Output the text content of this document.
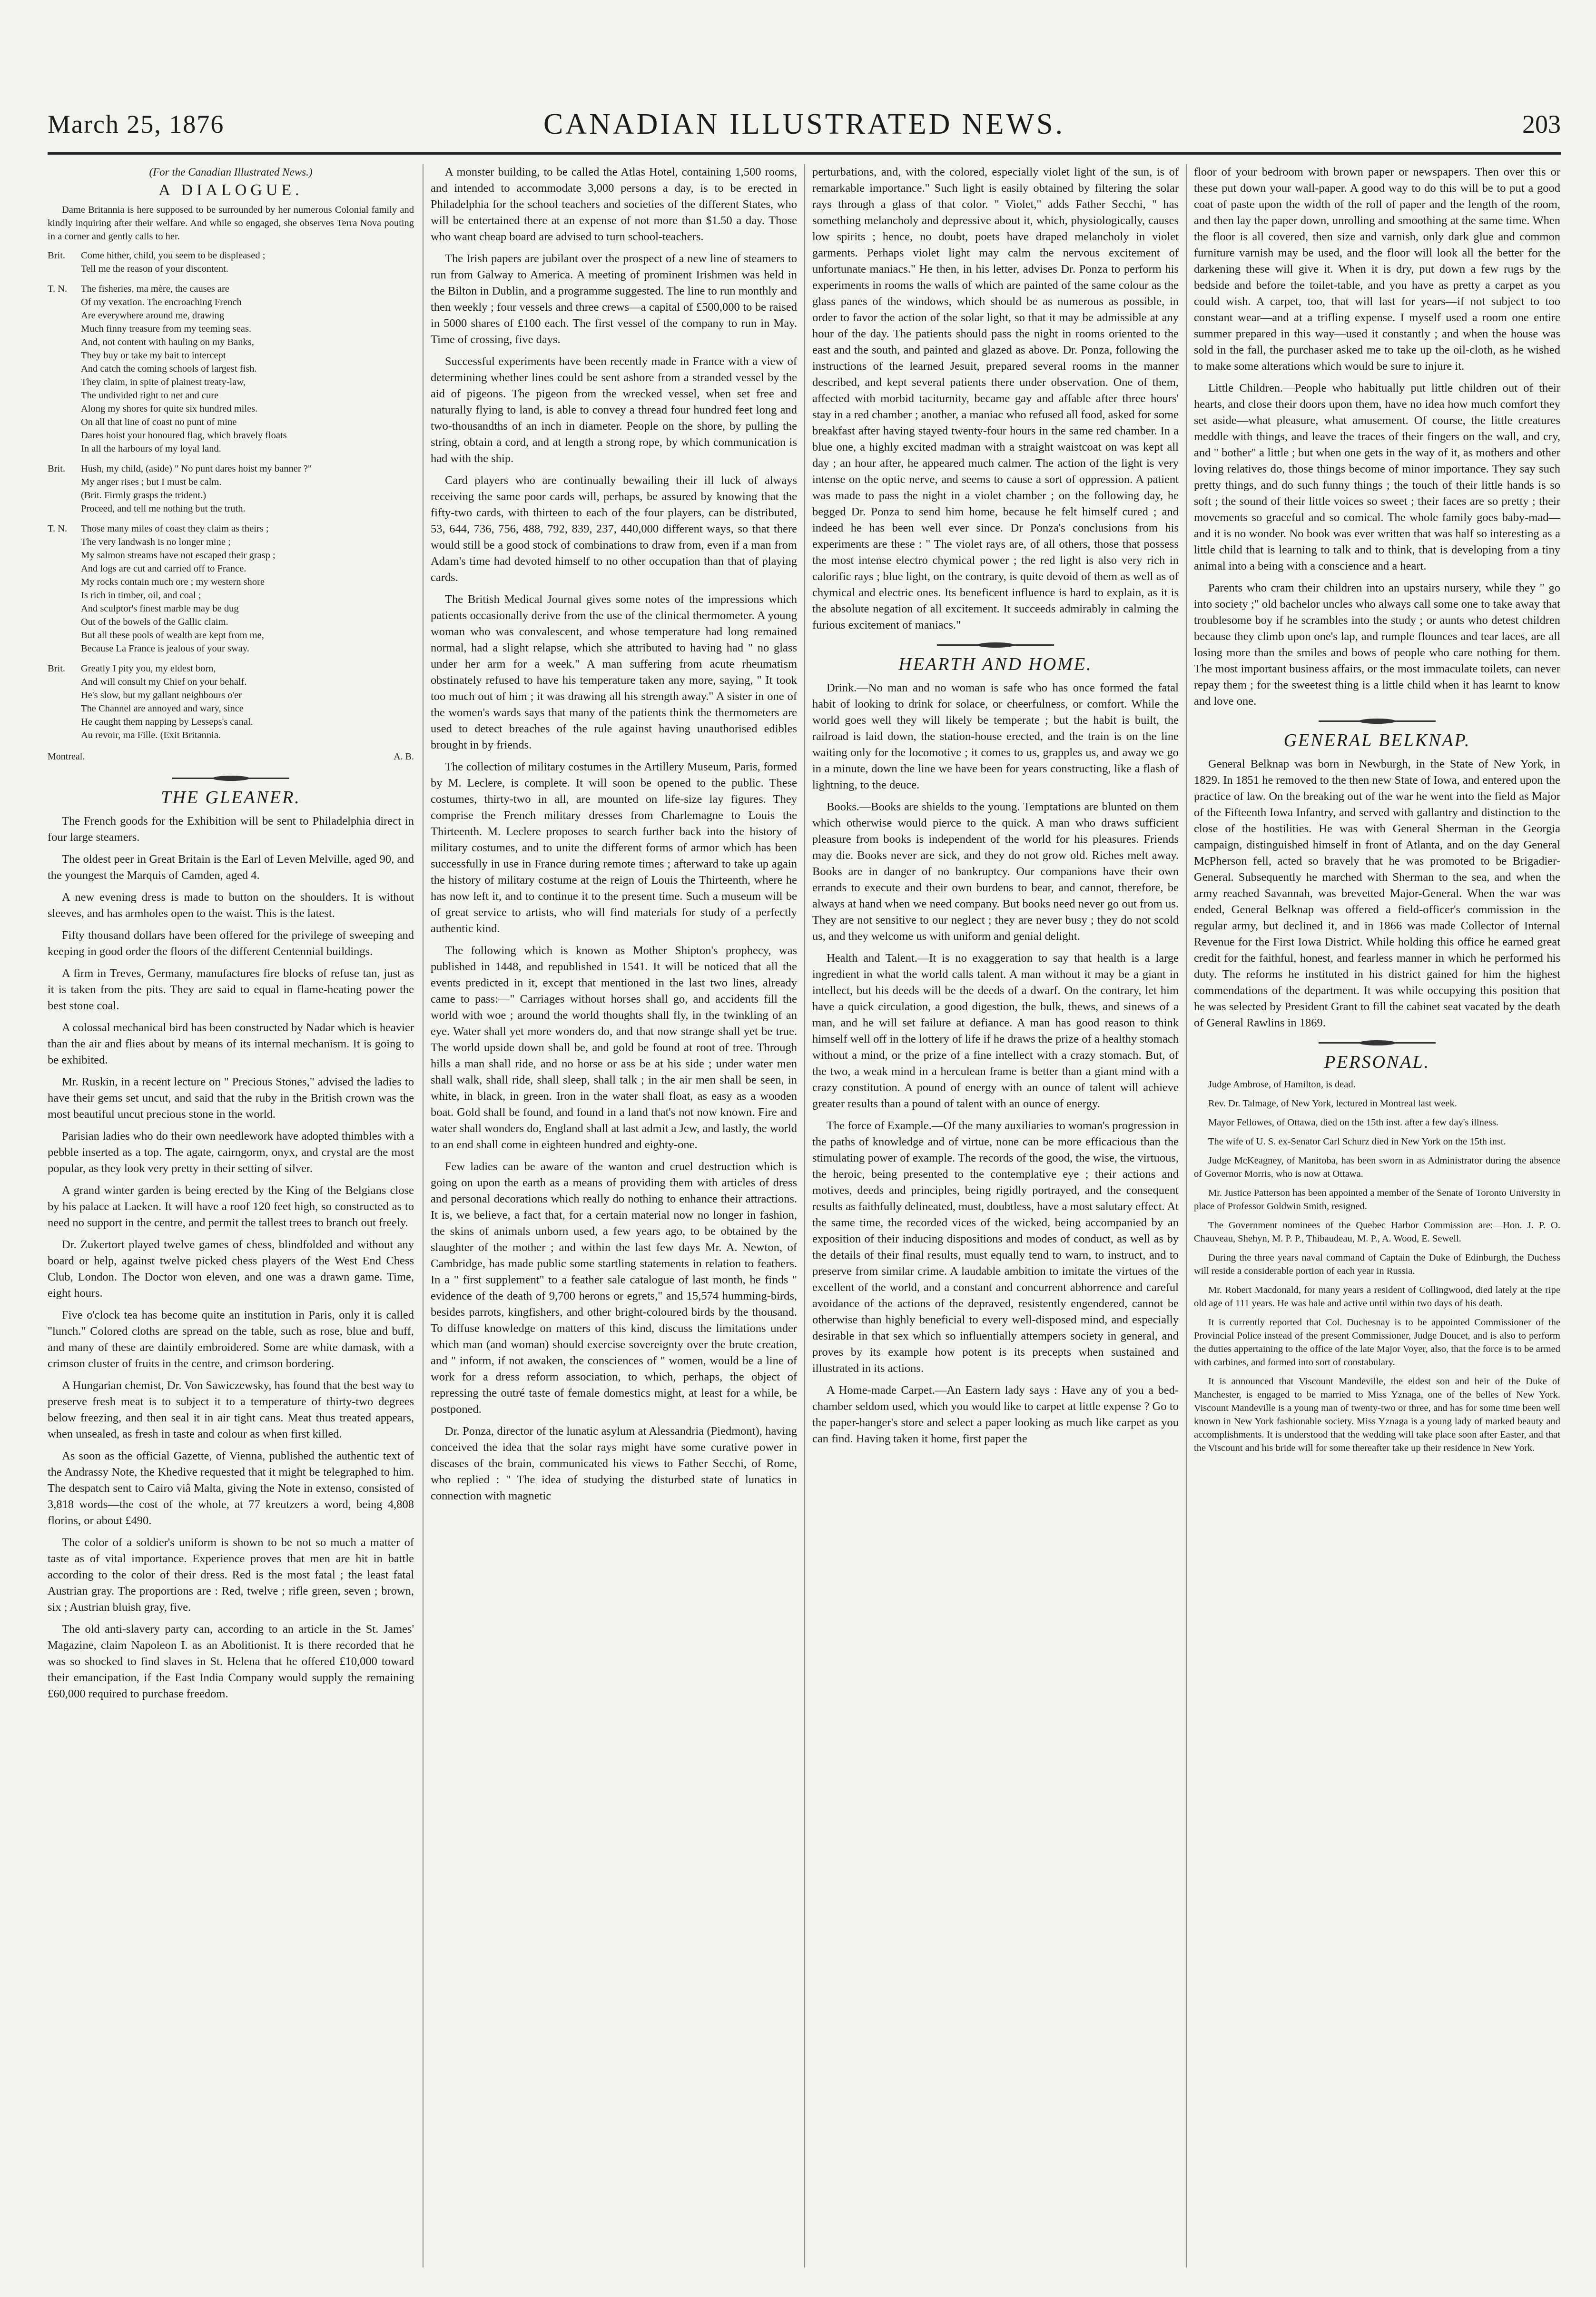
March 25, 1876	CANADIAN ILLUSTRATED NEWS.	203
(For the Canadian Illustrated News.)
A DIALOGUE.

Dame Britannia is here supposed to be surrounded by her numerous Colonial family and kindly inquiring after their welfare. And while so engaged, she observes Terra Nova pouting in a corner and gently calls to her.

Brit.	Come hither, child, you seem to be displeased ;
Tell me the reason of your discontent.
T. N.	The fisheries, ma mère, the causes are
Of my vexation. The encroaching French
Are everywhere around me, drawing
Much finny treasure from my teeming seas.
And, not content with hauling on my Banks,
They buy or take my bait to intercept
And catch the coming schools of largest fish.
They claim, in spite of plainest treaty-law,
The undivided right to net and cure
Along my shores for quite six hundred miles.
On all that line of coast no punt of mine
Dares hoist your honoured flag, which bravely floats
In all the harbours of my loyal land.
Brit.	Hush, my child, (aside) " No punt dares hoist my banner ?"
My anger rises ; but I must be calm.
(Brit. Firmly grasps the trident.)
Proceed, and tell me nothing but the truth.
T. N.	Those many miles of coast they claim as theirs ;
The very landwash is no longer mine ;
My salmon streams have not escaped their grasp ;
And logs are cut and carried off to France.
My rocks contain much ore ; my western shore
Is rich in timber, oil, and coal ;
And sculptor's finest marble may be dug
Out of the bowels of the Gallic claim.
But all these pools of wealth are kept from me,
Because La France is jealous of your sway.
Brit.	Greatly I pity you, my eldest born,
And will consult my Chief on your behalf.
He's slow, but my gallant neighbours o'er
The Channel are annoyed and wary, since
He caught them napping by Lesseps's canal.
Au revoir, ma Fille. (Exit Britannia.
Montreal.	A. B.
THE GLEANER.

The French goods for the Exhibition will be sent to Philadelphia direct in four large steamers.

The oldest peer in Great Britain is the Earl of Leven Melville, aged 90, and the youngest the Marquis of Camden, aged 4.

A new evening dress is made to button on the shoulders. It is without sleeves, and has armholes open to the waist. This is the latest.

Fifty thousand dollars have been offered for the privilege of sweeping and keeping in good order the floors of the different Centennial buildings.

A firm in Treves, Germany, manufactures fire blocks of refuse tan, just as it is taken from the pits. They are said to equal in flame-heating power the best stone coal.

A colossal mechanical bird has been constructed by Nadar which is heavier than the air and flies about by means of its internal mechanism. It is going to be exhibited.

Mr. Ruskin, in a recent lecture on " Precious Stones," advised the ladies to have their gems set uncut, and said that the ruby in the British crown was the most beautiful uncut precious stone in the world.

Parisian ladies who do their own needlework have adopted thimbles with a pebble inserted as a top. The agate, cairngorm, onyx, and crystal are the most popular, as they look very pretty in their setting of silver.

A grand winter garden is being erected by the King of the Belgians close by his palace at Laeken. It will have a roof 120 feet high, so constructed as to need no support in the centre, and permit the tallest trees to branch out freely.

Dr. Zukertort played twelve games of chess, blindfolded and without any board or help, against twelve picked chess players of the West End Chess Club, London. The Doctor won eleven, and one was a drawn game. Time, eight hours.

Five o'clock tea has become quite an institution in Paris, only it is called "lunch." Colored cloths are spread on the table, such as rose, blue and buff, and many of these are daintily embroidered. Some are white damask, with a crimson cluster of fruits in the centre, and crimson bordering.

A Hungarian chemist, Dr. Von Sawiczewsky, has found that the best way to preserve fresh meat is to subject it to a temperature of thirty-two degrees below freezing, and then seal it in air tight cans. Meat thus treated appears, when unsealed, as fresh in taste and colour as when first killed.

As soon as the official Gazette, of Vienna, published the authentic text of the Andrassy Note, the Khedive requested that it might be telegraphed to him. The despatch sent to Cairo viâ Malta, giving the Note in extenso, consisted of 3,818 words—the cost of the whole, at 77 kreutzers a word, being 4,808 florins, or about £490.

The color of a soldier's uniform is shown to be not so much a matter of taste as of vital importance. Experience proves that men are hit in battle according to the color of their dress. Red is the most fatal ; the least fatal Austrian gray. The proportions are : Red, twelve ; rifle green, seven ; brown, six ; Austrian bluish gray, five.

The old anti-slavery party can, according to an article in the St. James' Magazine, claim Napoleon I. as an Abolitionist. It is there recorded that he was so shocked to find slaves in St. Helena that he offered £10,000 toward their emancipation, if the East India Company would supply the remaining £60,000 required to purchase freedom.

A monster building, to be called the Atlas Hotel, containing 1,500 rooms, and intended to accommodate 3,000 persons a day, is to be erected in Philadelphia for the school teachers and societies of the different States, who will be entertained there at an expense of not more than $1.50 a day. Those who want cheap board are advised to turn school-teachers.

The Irish papers are jubilant over the prospect of a new line of steamers to run from Galway to America. A meeting of prominent Irishmen was held in the Bilton in Dublin, and a programme suggested. The line to run monthly and then weekly ; four vessels and three crews—a capital of £500,000 to be raised in 5000 shares of £100 each. The first vessel of the company to run in May. Time of crossing, five days.

Successful experiments have been recently made in France with a view of determining whether lines could be sent ashore from a stranded vessel by the aid of pigeons. The pigeon from the wrecked vessel, when set free and naturally flying to land, is able to convey a thread four hundred feet long and two-thousandths of an inch in diameter. People on the shore, by pulling the string, obtain a cord, and at length a strong rope, by which communication is had with the ship.

Card players who are continually bewailing their ill luck of always receiving the same poor cards will, perhaps, be assured by knowing that the fifty-two cards, with thirteen to each of the four players, can be distributed, 53, 644, 736, 756, 488, 792, 839, 237, 440,000 different ways, so that there would still be a good stock of combinations to draw from, even if a man from Adam's time had devoted himself to no other occupation than that of playing cards.

The British Medical Journal gives some notes of the impressions which patients occasionally derive from the use of the clinical thermometer. A young woman who was convalescent, and whose temperature had long remained normal, had a slight relapse, which she attributed to having had " no glass under her arm for a week." A man suffering from acute rheumatism obstinately refused to have his temperature taken any more, saying, " It took too much out of him ; it was drawing all his strength away." A sister in one of the women's wards says that many of the patients think the thermometers are used to detect breaches of the rule against having unauthorised edibles brought in by friends.

The collection of military costumes in the Artillery Museum, Paris, formed by M. Leclere, is complete. It will soon be opened to the public. These costumes, thirty-two in all, are mounted on life-size lay figures. They comprise the French military dresses from Charlemagne to Louis the Thirteenth. M. Leclere proposes to search further back into the history of military costumes, and to unite the different forms of armor which has been successfully in use in France during remote times ; afterward to take up again the history of military costume at the reign of Louis the Thirteenth, where he has now left it, and to continue it to the present time. Such a museum will be of great service to artists, who will find materials for study of a perfectly authentic kind.

The following which is known as Mother Shipton's prophecy, was published in 1448, and republished in 1541. It will be noticed that all the events predicted in it, except that mentioned in the last two lines, already came to pass:—" Carriages without horses shall go, and accidents fill the world with woe ; around the world thoughts shall fly, in the twinkling of an eye. Water shall yet more wonders do, and that now strange shall yet be true. The world upside down shall be, and gold be found at root of tree. Through hills a man shall ride, and no horse or ass be at his side ; under water men shall walk, shall ride, shall sleep, shall talk ; in the air men shall be seen, in white, in black, in green. Iron in the water shall float, as easy as a wooden boat. Gold shall be found, and found in a land that's not now known. Fire and water shall wonders do, England shall at last admit a Jew, and lastly, the world to an end shall come in eighteen hundred and eighty-one.

Few ladies can be aware of the wanton and cruel destruction which is going on upon the earth as a means of providing them with articles of dress and personal decorations which really do nothing to enhance their attractions. It is, we believe, a fact that, for a certain material now no longer in fashion, the skins of animals unborn used, a few years ago, to be obtained by the slaughter of the mother ; and within the last few days Mr. A. Newton, of Cambridge, has made public some startling statements in relation to feathers. In a " first supplement" to a feather sale catalogue of last month, he finds " evidence of the death of 9,700 herons or egrets," and 15,574 humming-birds, besides parrots, kingfishers, and other bright-coloured birds by the thousand. To diffuse knowledge on matters of this kind, discuss the limitations under which man (and woman) should exercise sovereignty over the brute creation, and " inform, if not awaken, the consciences of " women, would be a line of work for a dress reform association, to which, perhaps, the object of repressing the outré taste of female domestics might, at least for a while, be postponed.

Dr. Ponza, director of the lunatic asylum at Alessandria (Piedmont), having conceived the idea that the solar rays might have some curative power in diseases of the brain, communicated his views to Father Secchi, of Rome, who replied : " The idea of studying the disturbed state of lunatics in connection with magnetic

perturbations, and, with the colored, especially violet light of the sun, is of remarkable importance." Such light is easily obtained by filtering the solar rays through a glass of that color. " Violet," adds Father Secchi, " has something melancholy and depressive about it, which, physiologically, causes low spirits ; hence, no doubt, poets have draped melancholy in violet garments. Perhaps violet light may calm the nervous excitement of unfortunate maniacs." He then, in his letter, advises Dr. Ponza to perform his experiments in rooms the walls of which are painted of the same colour as the glass panes of the windows, which should be as numerous as possible, in order to favor the action of the solar light, so that it may be admissible at any hour of the day. The patients should pass the night in rooms oriented to the east and the south, and painted and glazed as above. Dr. Ponza, following the instructions of the learned Jesuit, prepared several rooms in the manner described, and kept several patients there under observation. One of them, affected with morbid taciturnity, became gay and affable after three hours' stay in a red chamber ; another, a maniac who refused all food, asked for some breakfast after having stayed twenty-four hours in the same red chamber. In a blue one, a highly excited madman with a straight waistcoat on was kept all day ; an hour after, he appeared much calmer. The action of the light is very intense on the optic nerve, and seems to cause a sort of oppression. A patient was made to pass the night in a violet chamber ; on the following day, he begged Dr. Ponza to send him home, because he felt himself cured ; and indeed he has been well ever since. Dr Ponza's conclusions from his experiments are these : " The violet rays are, of all others, those that possess the most intense electro chymical power ; the red light is also very rich in calorific rays ; blue light, on the contrary, is quite devoid of them as well as of chymical and electric ones. Its beneficent influence is hard to explain, as it is the absolute negation of all excitement. It succeeds admirably in calming the furious excitement of maniacs."

HEARTH AND HOME.

Drink.—No man and no woman is safe who has once formed the fatal habit of looking to drink for solace, or cheerfulness, or comfort. While the world goes well they will likely be temperate ; but the habit is built, the railroad is laid down, the station-house erected, and the train is on the line waiting only for the locomotive ; it comes to us, grapples us, and away we go in a minute, down the line we have been for years constructing, like a flash of lightning, to the deuce.

Books.—Books are shields to the young. Temptations are blunted on them which otherwise would pierce to the quick. A man who draws sufficient pleasure from books is independent of the world for his pleasures. Friends may die. Books never are sick, and they do not grow old. Riches melt away. Books are in danger of no bankruptcy. Our companions have their own errands to execute and their own burdens to bear, and cannot, therefore, be always at hand when we need company. But books need never go out from us. They are not sensitive to our neglect ; they are never busy ; they do not scold us, and they welcome us with uniform and genial delight.

Health and Talent.—It is no exaggeration to say that health is a large ingredient in what the world calls talent. A man without it may be a giant in intellect, but his deeds will be the deeds of a dwarf. On the contrary, let him have a quick circulation, a good digestion, the bulk, thews, and sinews of a man, and he will set failure at defiance. A man has good reason to think himself well off in the lottery of life if he draws the prize of a healthy stomach without a mind, or the prize of a fine intellect with a crazy stomach. But, of the two, a weak mind in a herculean frame is better than a giant mind with a crazy constitution. A pound of energy with an ounce of talent will achieve greater results than a pound of talent with an ounce of energy.

The force of Example.—Of the many auxiliaries to woman's progression in the paths of knowledge and of virtue, none can be more efficacious than the stimulating power of example. The records of the good, the wise, the virtuous, the heroic, being presented to the contemplative eye ; their actions and motives, deeds and principles, being rigidly portrayed, and the consequent results as faithfully delineated, must, doubtless, have a most salutary effect. At the same time, the recorded vices of the wicked, being accompanied by an exposition of their inducing dispositions and modes of conduct, as well as by the details of their final results, must equally tend to warn, to instruct, and to preserve from similar crime. A laudable ambition to imitate the virtues of the excellent of the world, and a constant and concurrent abhorrence and careful avoidance of the actions of the depraved, resistently engendered, cannot be otherwise than highly beneficial to every well-disposed mind, and especially desirable in that sex which so influentially attempers society in general, and proves by its example how potent is its precepts when sustained and illustrated in its actions.

A Home-made Carpet.—An Eastern lady says : Have any of you a bed-chamber seldom used, which you would like to carpet at little expense ? Go to the paper-hanger's store and select a paper looking as much like carpet as you can find. Having taken it home, first paper the

floor of your bedroom with brown paper or newspapers. Then over this or these put down your wall-paper. A good way to do this will be to put a good coat of paste upon the width of the roll of paper and the length of the room, and then lay the paper down, unrolling and smoothing at the same time. When the floor is all covered, then size and varnish, only dark glue and common furniture varnish may be used, and the floor will look all the better for the darkening these will give it. When it is dry, put down a few rugs by the bedside and before the toilet-table, and you have as pretty a carpet as you could wish. A carpet, too, that will last for years—if not subject to too constant wear—and at a trifling expense. I myself used a room one entire summer prepared in this way—used it constantly ; and when the house was sold in the fall, the purchaser asked me to take up the oil-cloth, as he wished to make some alterations which would be sure to injure it.

Little Children.—People who habitually put little children out of their hearts, and close their doors upon them, have no idea how much comfort they set aside—what pleasure, what amusement. Of course, the little creatures meddle with things, and leave the traces of their fingers on the wall, and cry, and " bother" a little ; but when one gets in the way of it, as mothers and other loving relatives do, those things become of minor importance. They say such pretty things, and do such funny things ; the touch of their little hands is so soft ; the sound of their little voices so sweet ; their faces are so pretty ; their movements so graceful and so comical. The whole family goes baby-mad—and it is no wonder. No book was ever written that was half so interesting as a little child that is learning to talk and to think, that is developing from a tiny animal into a being with a conscience and a heart.

Parents who cram their children into an upstairs nursery, while they " go into society ;" old bachelor uncles who always call some one to take away that troublesome boy if he scrambles into the study ; or aunts who detest children because they climb upon one's lap, and rumple flounces and tear laces, are all losing more than the smiles and bows of people who care nothing for them. The most important business affairs, or the most immaculate toilets, can never repay them ; for the sweetest thing is a little child when it has learnt to know and love one.

GENERAL BELKNAP.

General Belknap was born in Newburgh, in the State of New York, in 1829. In 1851 he removed to the then new State of Iowa, and entered upon the practice of law. On the breaking out of the war he went into the field as Major of the Fifteenth Iowa Infantry, and served with gallantry and distinction to the close of the hostilities. He was with General Sherman in the Georgia campaign, distinguished himself in front of Atlanta, and on the day General McPherson fell, acted so bravely that he was promoted to be Brigadier-General. Subsequently he marched with Sherman to the sea, and when the army reached Savannah, was brevetted Major-General. When the war was ended, General Belknap was offered a field-officer's commission in the regular army, but declined it, and in 1866 was made Collector of Internal Revenue for the First Iowa District. While holding this office he earned great credit for the faithful, honest, and fearless manner in which he performed his duty. The reforms he instituted in his district gained for him the highest commendations of the department. It was while occupying this position that he was selected by President Grant to fill the cabinet seat vacated by the death of General Rawlins in 1869.

PERSONAL.

Judge Ambrose, of Hamilton, is dead.

Rev. Dr. Talmage, of New York, lectured in Montreal last week.

Mayor Fellowes, of Ottawa, died on the 15th inst. after a few day's illness.

The wife of U. S. ex-Senator Carl Schurz died in New York on the 15th inst.

Judge McKeagney, of Manitoba, has been sworn in as Administrator during the absence of Governor Morris, who is now at Ottawa.

Mr. Justice Patterson has been appointed a member of the Senate of Toronto University in place of Professor Goldwin Smith, resigned.

The Government nominees of the Quebec Harbor Commission are:—Hon. J. P. O. Chauveau, Shehyn, M. P. P., Thibaudeau, M. P., A. Wood, E. Sewell.

During the three years naval command of Captain the Duke of Edinburgh, the Duchess will reside a considerable portion of each year in Russia.

Mr. Robert Macdonald, for many years a resident of Collingwood, died lately at the ripe old age of 111 years. He was hale and active until within two days of his death.

It is currently reported that Col. Duchesnay is to be appointed Commissioner of the Provincial Police instead of the present Commissioner, Judge Doucet, and is also to perform the duties appertaining to the office of the late Major Voyer, also, that the force is to be armed with carbines, and formed into sort of constabulary.

It is announced that Viscount Mandeville, the eldest son and heir of the Duke of Manchester, is engaged to be married to Miss Yznaga, one of the belles of New York. Viscount Mandeville is a young man of twenty-two or three, and has for some time been well known in New York fashionable society. Miss Yznaga is a young lady of marked beauty and accomplishments. It is understood that the wedding will take place soon after Easter, and that the Viscount and his bride will for some thereafter take up their residence in New York.
